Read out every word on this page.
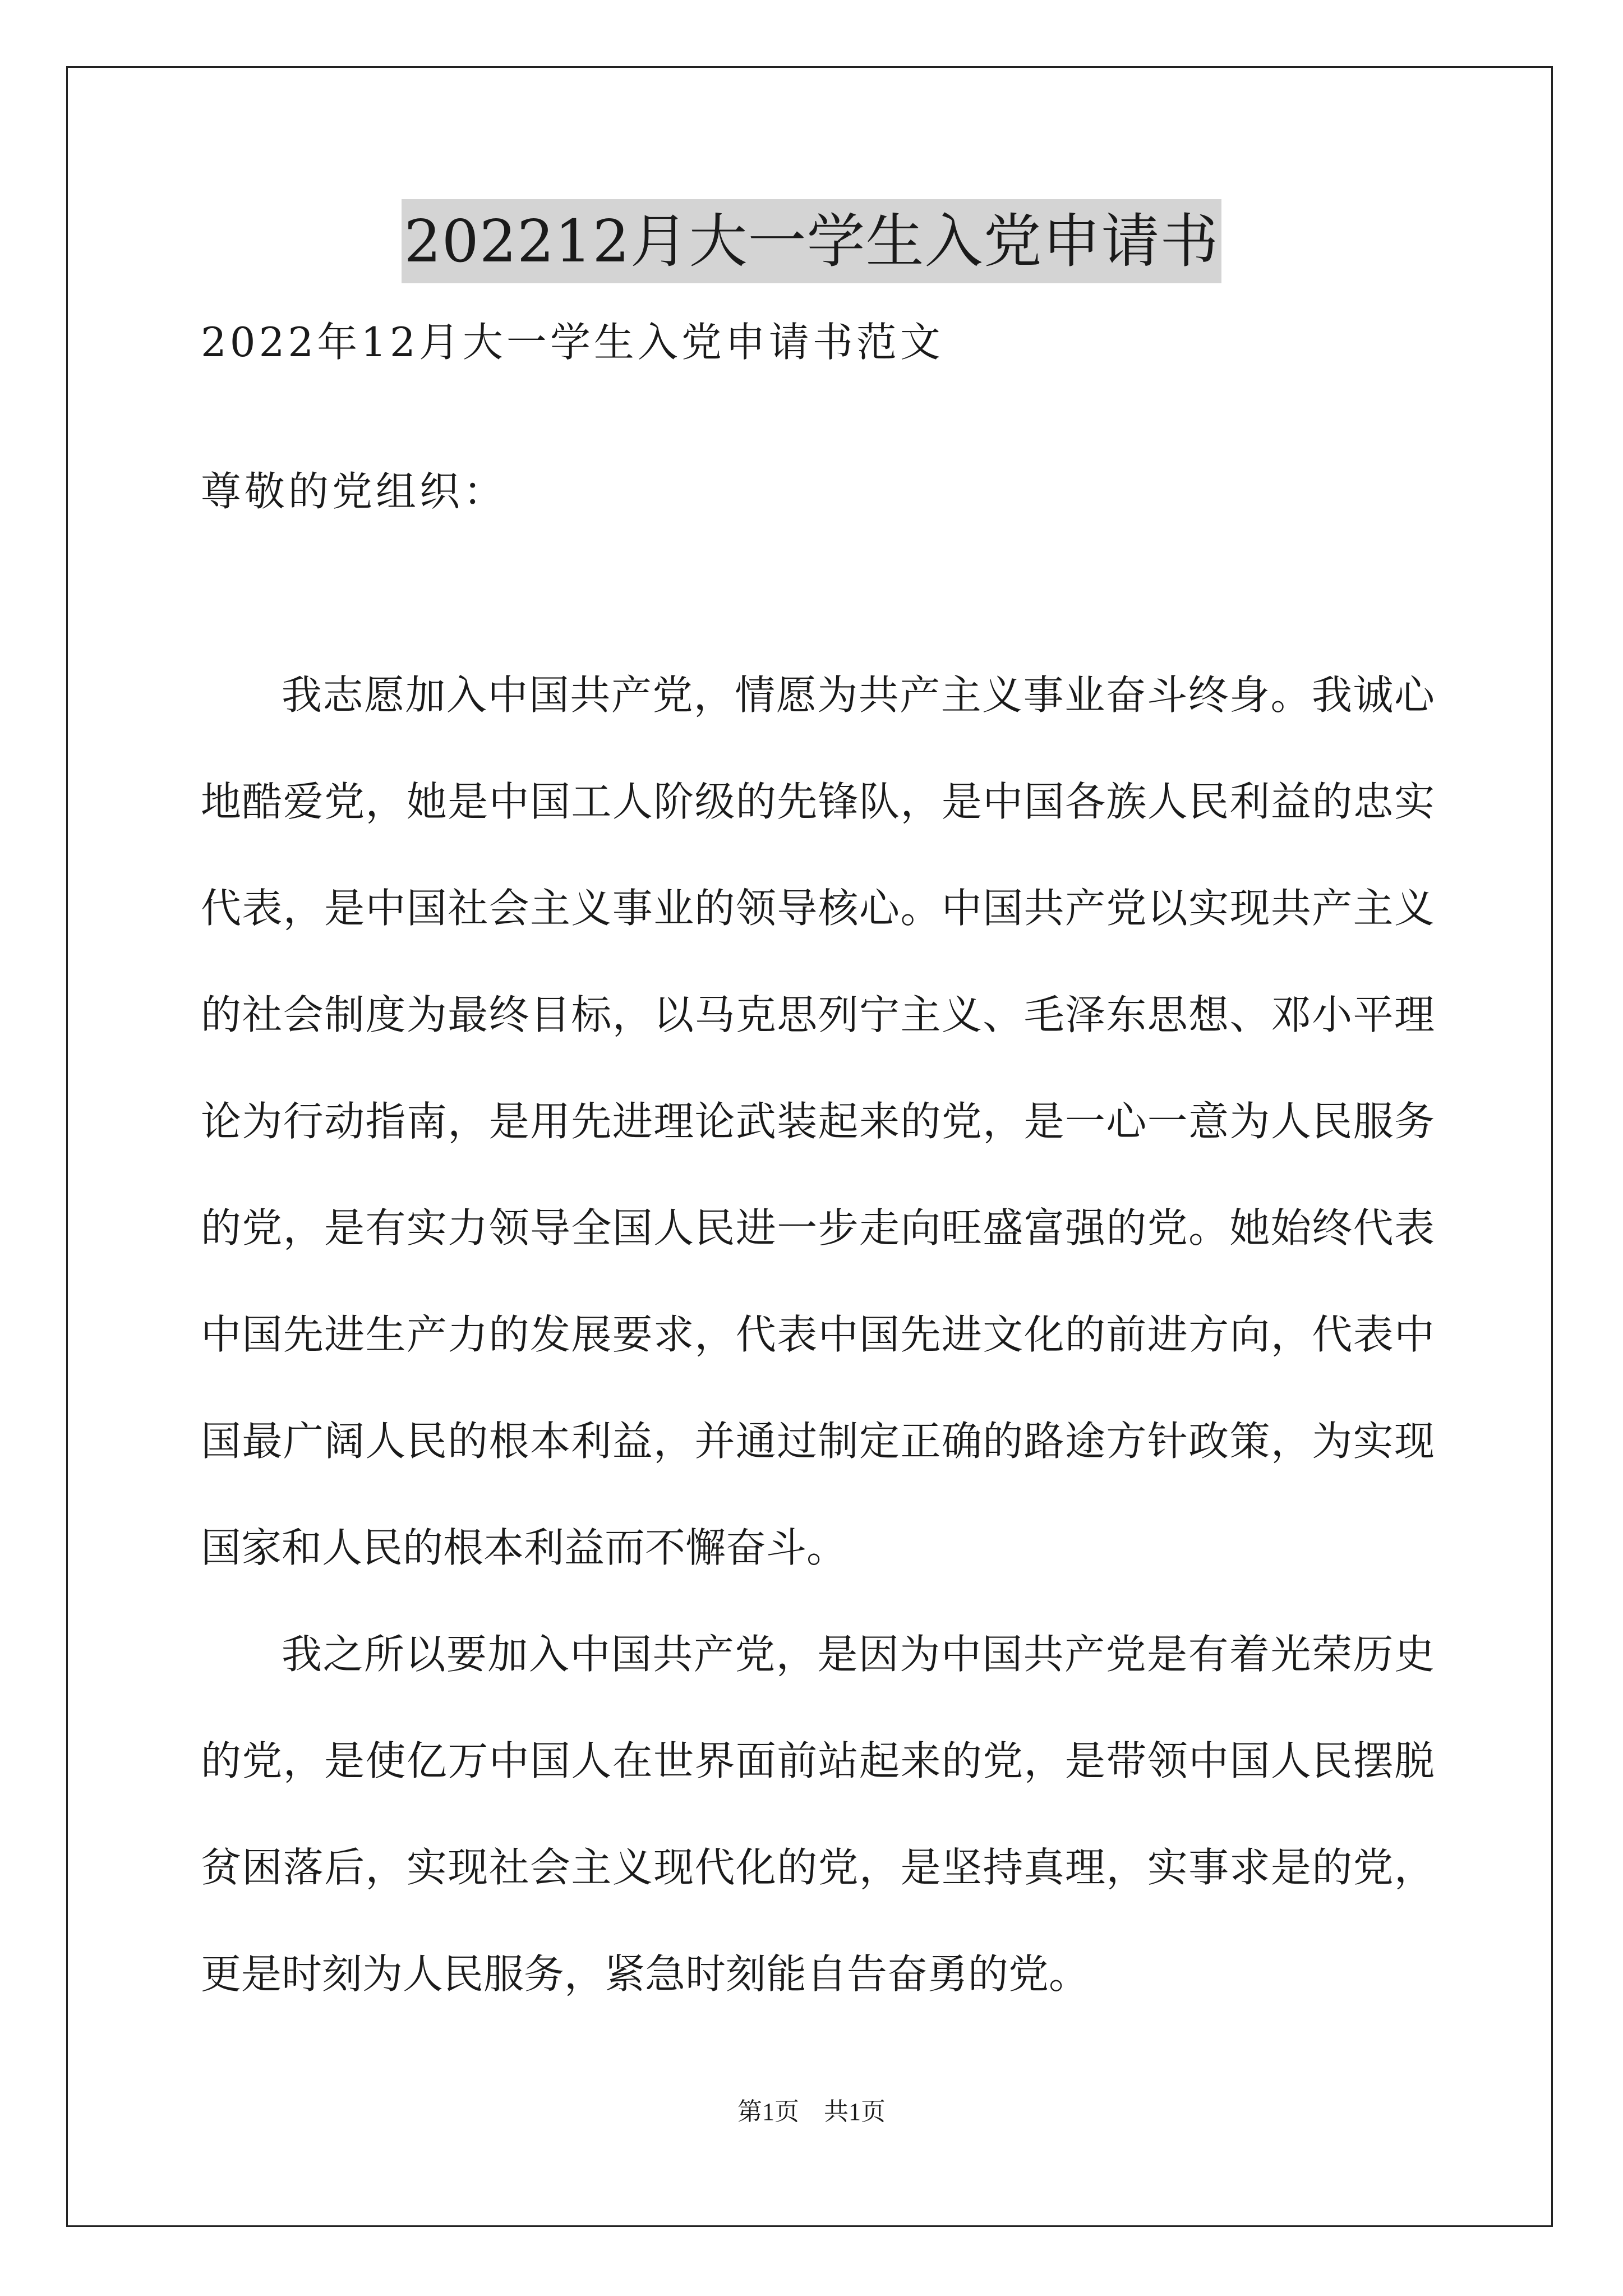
202212月大一学生入党申请书
2022年12月大一学生入党申请书范文
尊敬的党组织：
我志愿加入中国共产党，情愿为共产主义事业奋斗终身。我诚心
地酷爱党，她是中国工人阶级的先锋队，是中国各族人民利益的忠实
代表，是中国社会主义事业的领导核心。中国共产党以实现共产主义
的社会制度为最终目标，以马克思列宁主义、毛泽东思想、邓小平理
论为行动指南，是用先进理论武装起来的党，是一心一意为人民服务
的党，是有实力领导全国人民进一步走向旺盛富强的党。她始终代表
中国先进生产力的发展要求，代表中国先进文化的前进方向，代表中
国最广阔人民的根本利益，并通过制定正确的路途方针政策，为实现
国家和人民的根本利益而不懈奋斗。
我之所以要加入中国共产党，是因为中国共产党是有着光荣历史
的党，是使亿万中国人在世界面前站起来的党，是带领中国人民摆脱
贫困落后，实现社会主义现代化的党，是坚持真理，实事求是的党，
更是时刻为人民服务，紧急时刻能自告奋勇的党。
第1页　共1页
